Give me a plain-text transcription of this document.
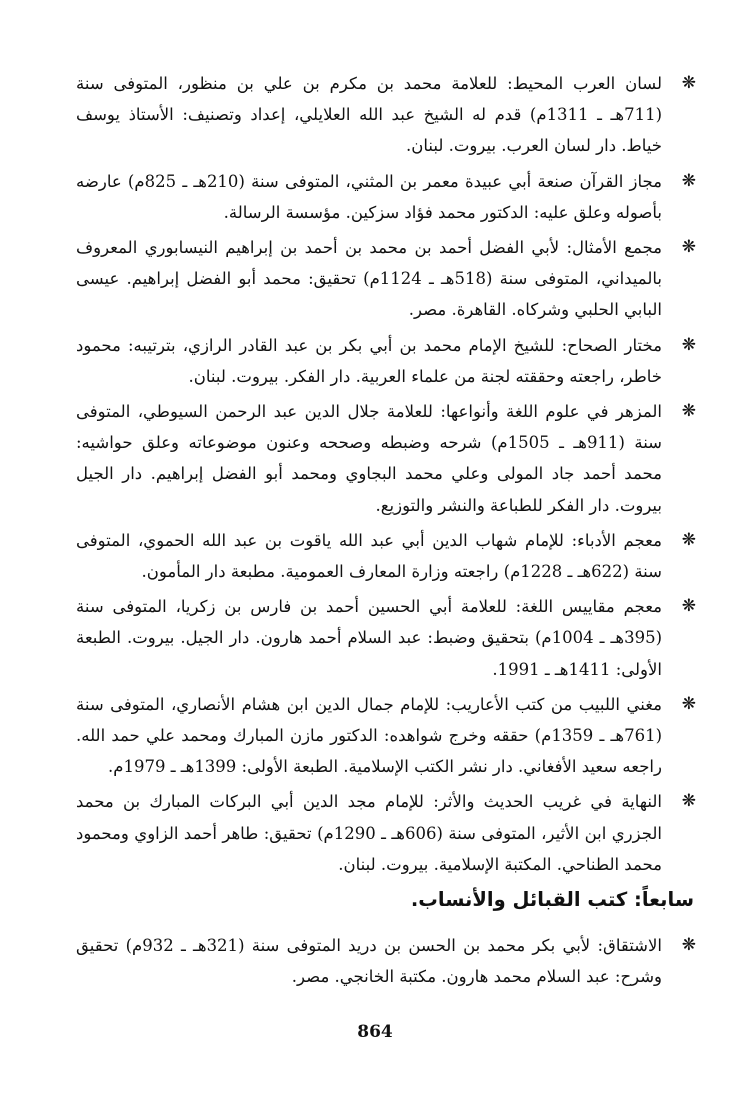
❋
لسان العرب المحيط: للعلامة محمد بن مكرم بن علي بن منظور، المتوفى سنة (711هـ ـ 1311م) قدم له الشيخ عبد الله العلايلي، إعداد وتصنيف: الأستاذ يوسف خياط. دار لسان العرب. بيروت. لبنان.
❋
مجاز القرآن صنعة أبي عبيدة معمر بن المثني، المتوفى سنة (210هـ ـ 825م) عارضه بأصوله وعلق عليه: الدكتور محمد فؤاد سزكين. مؤسسة الرسالة.
❋
مجمع الأمثال: لأبي الفضل أحمد بن محمد بن أحمد بن إبراهيم النيسابوري المعروف بالميداني، المتوفى سنة (518هـ ـ 1124م) تحقيق: محمد أبو الفضل إبراهيم. عيسى البابي الحلبي وشركاه. القاهرة. مصر.
❋
مختار الصحاح: للشيخ الإمام محمد بن أبي بكر بن عبد القادر الرازي، بترتيبه: محمود خاطر، راجعته وحققته لجنة من علماء العربية. دار الفكر. بيروت. لبنان.
❋
المزهر في علوم اللغة وأنواعها: للعلامة جلال الدين عبد الرحمن السيوطي، المتوفى سنة (911هـ ـ 1505م) شرحه وضبطه وصححه وعنون موضوعاته وعلق حواشيه: محمد أحمد جاد المولى وعلي محمد البجاوي ومحمد أبو الفضل إبراهيم. دار الجيل بيروت. دار الفكر للطباعة والنشر والتوزيع.
❋
معجم الأدباء: للإمام شهاب الدين أبي عبد الله ياقوت بن عبد الله الحموي، المتوفى سنة (622هـ ـ 1228م) راجعته وزارة المعارف العمومية. مطبعة دار المأمون.
❋
معجم مقاييس اللغة: للعلامة أبي الحسين أحمد بن فارس بن زكريا، المتوفى سنة (395هـ ـ 1004م) بتحقيق وضبط: عبد السلام أحمد هارون. دار الجيل. بيروت. الطبعة الأولى: 1411هـ ـ 1991.
❋
مغني اللبيب من كتب الأعاريب: للإمام جمال الدين ابن هشام الأنصاري، المتوفى سنة (761هـ ـ 1359م) حققه وخرج شواهده: الدكتور مازن المبارك ومحمد علي حمد الله. راجعه سعيد الأفغاني. دار نشر الكتب الإسلامية. الطبعة الأولى: 1399هـ ـ 1979م.
❋
النهاية في غريب الحديث والأثر: للإمام مجد الدين أبي البركات المبارك بن محمد الجزري ابن الأثير، المتوفى سنة (606هـ ـ 1290م) تحقيق: طاهر أحمد الزاوي ومحمود محمد الطناحي. المكتبة الإسلامية. بيروت. لبنان.
سابعاً: كتب القبائل والأنساب.
❋
الاشتقاق: لأبي بكر محمد بن الحسن بن دريد المتوفى سنة (321هـ ـ 932م) تحقيق وشرح: عبد السلام محمد هارون. مكتبة الخانجي. مصر.
864
